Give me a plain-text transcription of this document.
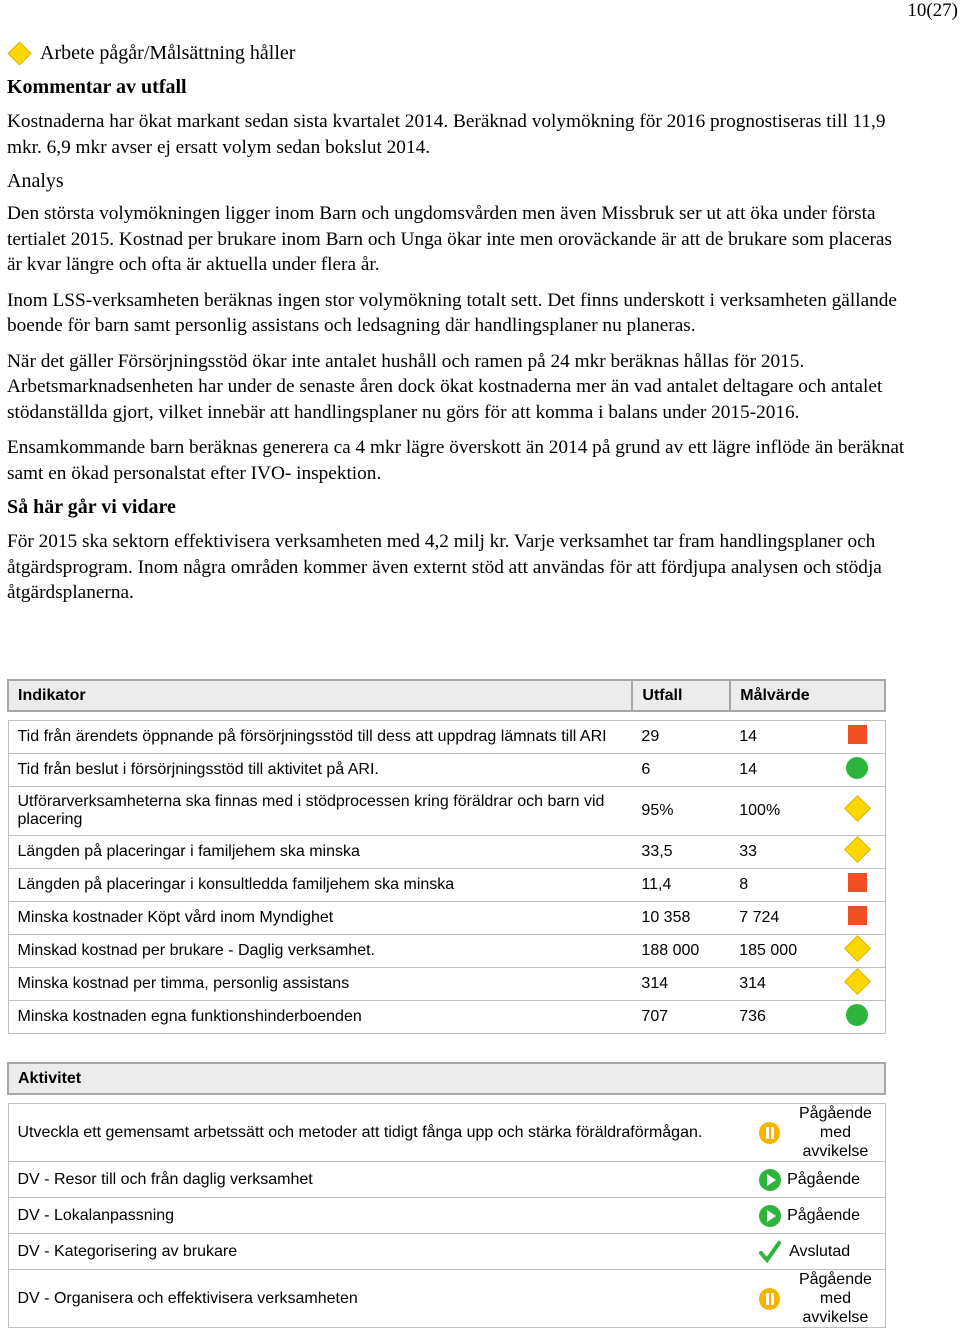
10(27)
Arbete pågår/Målsättning håller
Kommentar av utfall

Kostnaderna har ökat markant sedan sista kvartalet 2014. Beräknad volymökning för 2016 prognostiseras till 11,9 mkr. 6,9 mkr avser ej ersatt volym sedan bokslut 2014.

Analys

Den största volymökningen ligger inom Barn och ungdomsvården men även Missbruk ser ut att öka under första tertialet 2015. Kostnad per brukare inom Barn och Unga ökar inte men oroväckande är att de brukare som placeras är kvar längre och ofta är aktuella under flera år.

Inom LSS-verksamheten beräknas ingen stor volymökning totalt sett. Det finns underskott i verksamheten gällande boende för barn samt personlig assistans och ledsagning där handlingsplaner nu planeras.

När det gäller Försörjningsstöd ökar inte antalet hushåll och ramen på 24 mkr beräknas hållas för 2015. Arbetsmarknadsenheten har under de senaste åren dock ökat kostnaderna mer än vad antalet deltagare och antalet stödanställda gjort, vilket innebär att handlingsplaner nu görs för att komma i balans under 2015-2016.

Ensamkommande barn beräknas generera ca 4 mkr lägre överskott än 2014 på grund av ett lägre inflöde än beräknat samt en ökad personalstat efter IVO- inspektion.

Så här går vi vidare

För 2015 ska sektorn effektivisera verksamheten med 4,2 milj kr. Varje verksamhet tar fram handlingsplaner och åtgärdsprogram. Inom några områden kommer även externt stöd att användas för att fördjupa analysen och stödja åtgärdsplanerna.

Indikator	Utfall	Målvärde	

Tid från ärendets öppnande på försörjningsstöd till dess att uppdrag lämnats till ARI	29	14	
Tid från beslut i försörjningsstöd till aktivitet på ARI.	6	14	
Utförarverksamheterna ska finnas med i stödprocessen kring föräldrar och barn vid placering	95%	100%	
Längden på placeringar i familjehem ska minska	33,5	33	
Längden på placeringar i konsultledda familjehem ska minska	11,4	8	
Minska kostnader Köpt vård inom Myndighet	10 358	7 724	
Minskad kostnad per brukare - Daglig verksamhet.	188 000	185 000	
Minska kostnad per timma, personlig assistans	314	314	
Minska kostnaden egna funktionshinderboenden	707	736	
Aktivitet	

Utveckla ett gemensamt arbetssätt och metoder att tidigt fånga upp och stärka föräldraförmågan.	Pågående
med avvikelse

DV - Resor till och från daglig verksamhet	Pågående

DV - Lokalanpassning	Pågående

DV - Kategorisering av brukare	Avslutad

DV - Organisera och effektivisera verksamheten	Pågående
med avvikelse
